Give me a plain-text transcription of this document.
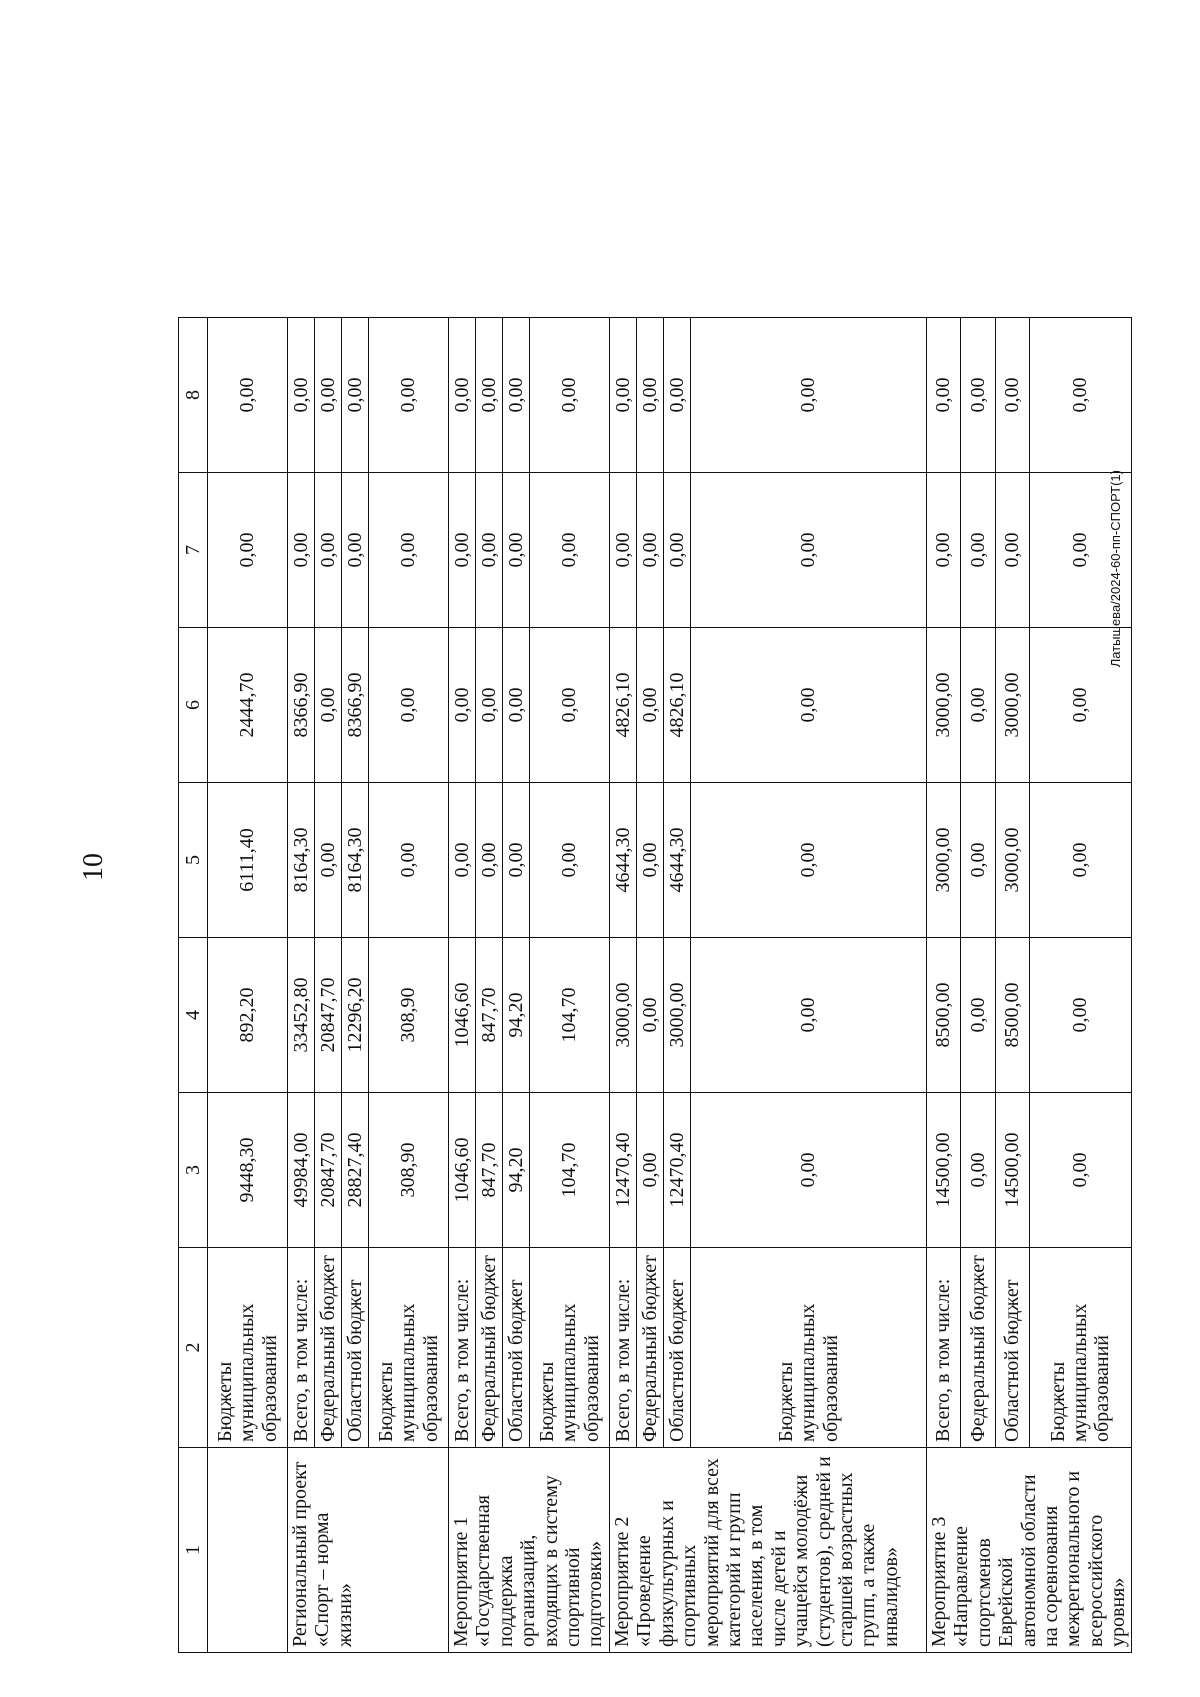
10
1	2	3	4	5	6	7	8

	Бюджеты муниципальных образований	9448,30	892,20	6111,40	2444,70	0,00	0,00

Региональный проект «Спорт – норма жизни»	Всего, в том числе:	49984,00	33452,80	8164,30	8366,90	0,00	0,00
	Федеральный бюджет	20847,70	20847,70	0,00	0,00	0,00	0,00
	Областной бюджет	28827,40	12296,20	8164,30	8366,90	0,00	0,00
	Бюджеты муниципальных образований	308,90	308,90	0,00	0,00	0,00	0,00

Мероприятие 1 «Государственная поддержка организаций, входящих в систему спортивной подготовки»	Всего, в том числе:	1046,60	1046,60	0,00	0,00	0,00	0,00
	Федеральный бюджет	847,70	847,70	0,00	0,00	0,00	0,00
	Областной бюджет	94,20	94,20	0,00	0,00	0,00	0,00
	Бюджеты муниципальных образований	104,70	104,70	0,00	0,00	0,00	0,00

Мероприятие 2 «Проведение физкультурных и спортивных мероприятий для всех категорий и групп населения, в том числе детей и учащейся молодёжи (студентов), средней и старшей возрастных групп, а также инвалидов»	Всего, в том числе:	12470,40	3000,00	4644,30	4826,10	0,00	0,00
	Федеральный бюджет	0,00	0,00	0,00	0,00	0,00	0,00
	Областной бюджет	12470,40	3000,00	4644,30	4826,10	0,00	0,00
	Бюджеты муниципальных образований	0,00	0,00	0,00	0,00	0,00	0,00

Мероприятие 3 «Направление спортсменов Еврейской автономной области на соревнования межрегионального и всероссийского уровня»	Всего, в том числе:	14500,00	8500,00	3000,00	3000,00	0,00	0,00
	Федеральный бюджет	0,00	0,00	0,00	0,00	0,00	0,00
	Областной бюджет	14500,00	8500,00	3000,00	3000,00	0,00	0,00
	Бюджеты муниципальных образований	0,00	0,00	0,00	0,00	0,00	0,00
Латышева/2024-60-пп-СПОРТ(1)
